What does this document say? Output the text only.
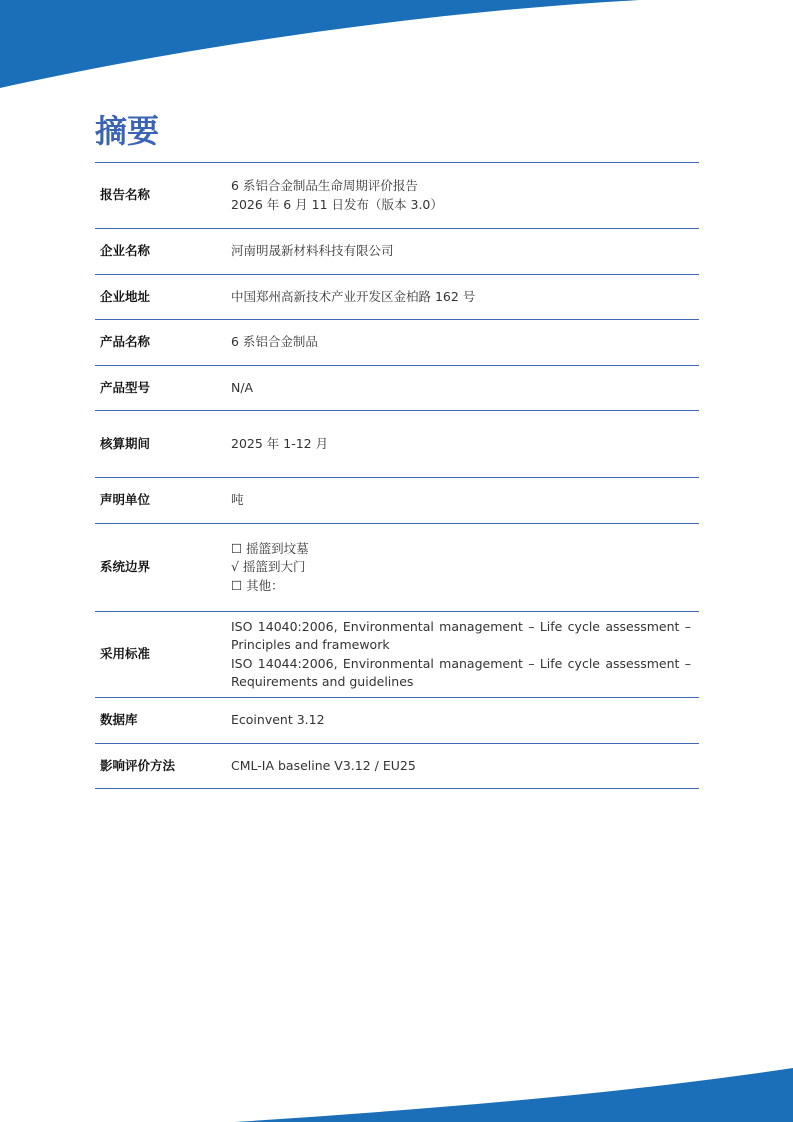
摘要
报告名称	6 系铝合金制品生命周期评价报告
2026 年 6 月 11 日发布（版本 3.0）

企业名称	河南明晟新材料科技有限公司
企业地址	中国郑州高新技术产业开发区金柏路 162 号
产品名称	6 系铝合金制品
产品型号	N/A
核算期间	2025 年 1-12 月
声明单位	吨
系统边界	☐ 摇篮到坟墓
√ 摇篮到大门
☐ 其他：

采用标准	ISO 14040:2006, Environmental management – Life cycle assessment – Principles and framework
ISO 14044:2006, Environmental management – Life cycle assessment – Requirements and guidelines

数据库	Ecoinvent 3.12
影响评价方法	CML-IA baseline V3.12 / EU25
